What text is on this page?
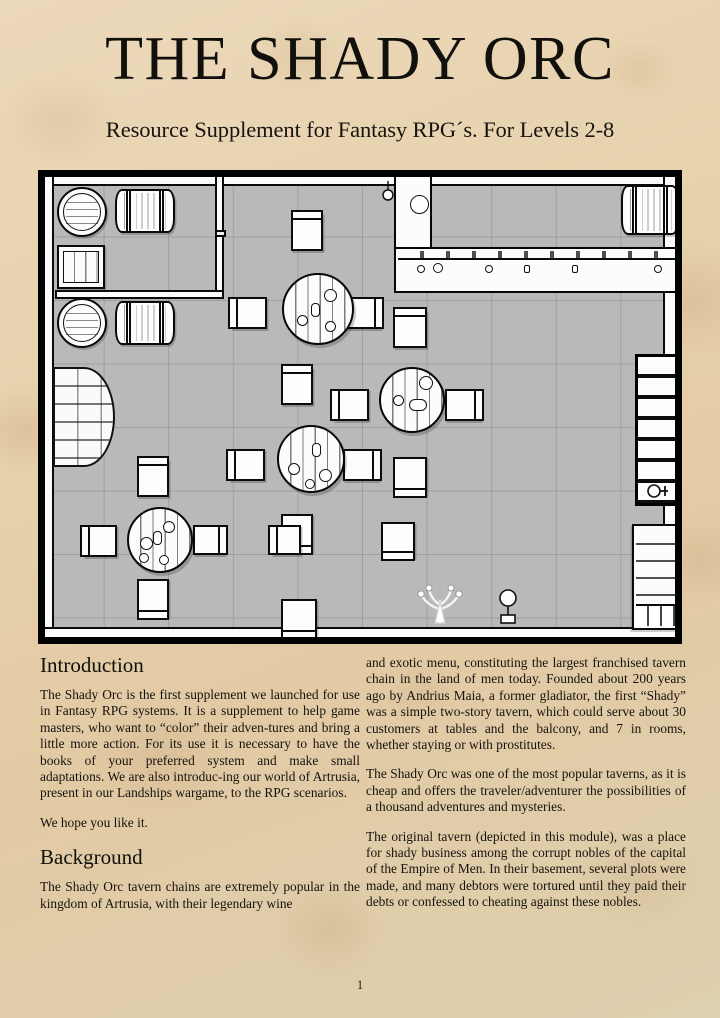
THE SHADY ORC
Resource Supplement for Fantasy RPG´s. For Levels 2-8
Introduction

The Shady Orc is the first supplement we launched for use in Fantasy RPG systems. It is a supplement to help game masters, who want to “color” their adven-tures and bring a little more action. For its use it is necessary to have the books of your preferred system and make small adaptations. We are also introduc-ing our world of Artrusia, present in our Landships wargame, to the RPG scenarios.

We hope you like it.

Background

The Shady Orc tavern chains are extremely popular in the kingdom of Artrusia, with their legendary wine

and exotic menu, constituting the largest franchised tavern chain in the land of men today. Founded about 200 years ago by Andrius Maia, a former gladiator, the first “Shady” was a simple two-story tavern, which could serve about 30 customers at tables and the balcony, and 7 in rooms, whether staying or with prostitutes.

The Shady Orc was one of the most popular taverns, as it is cheap and offers the traveler/adventurer the possibilities of a thousand adventures and mysteries.

The original tavern (depicted in this module), was a place for shady business among the corrupt nobles of the capital of the Empire of Men. In their basement, several plots were made, and many debtors were tortured until they paid their debts or confessed to cheating against these nobles.

1
